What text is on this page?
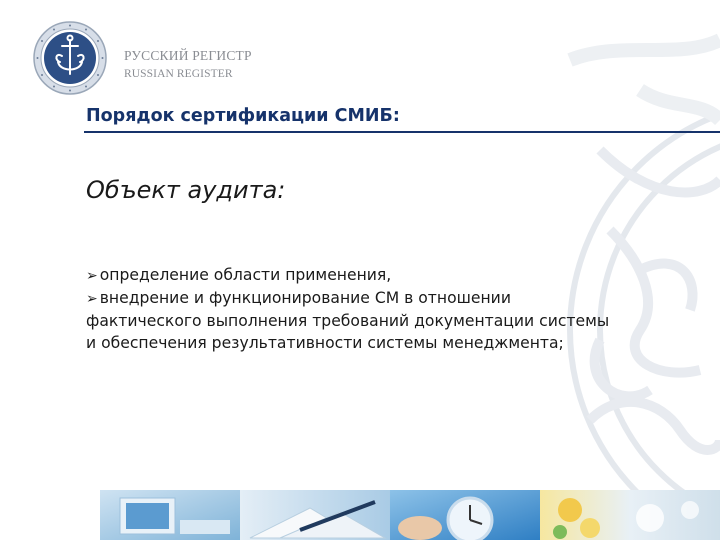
РУССКИЙ РЕГИСТР
RUSSIAN REGISTER
Порядок сертификации СМИБ:
Объект аудита:
➢ определение области применения,
➢ внедрение и функционирование СМ в отношении
фактического выполнения требований документации системы
и обеспечения результативности системы менеджмента;
